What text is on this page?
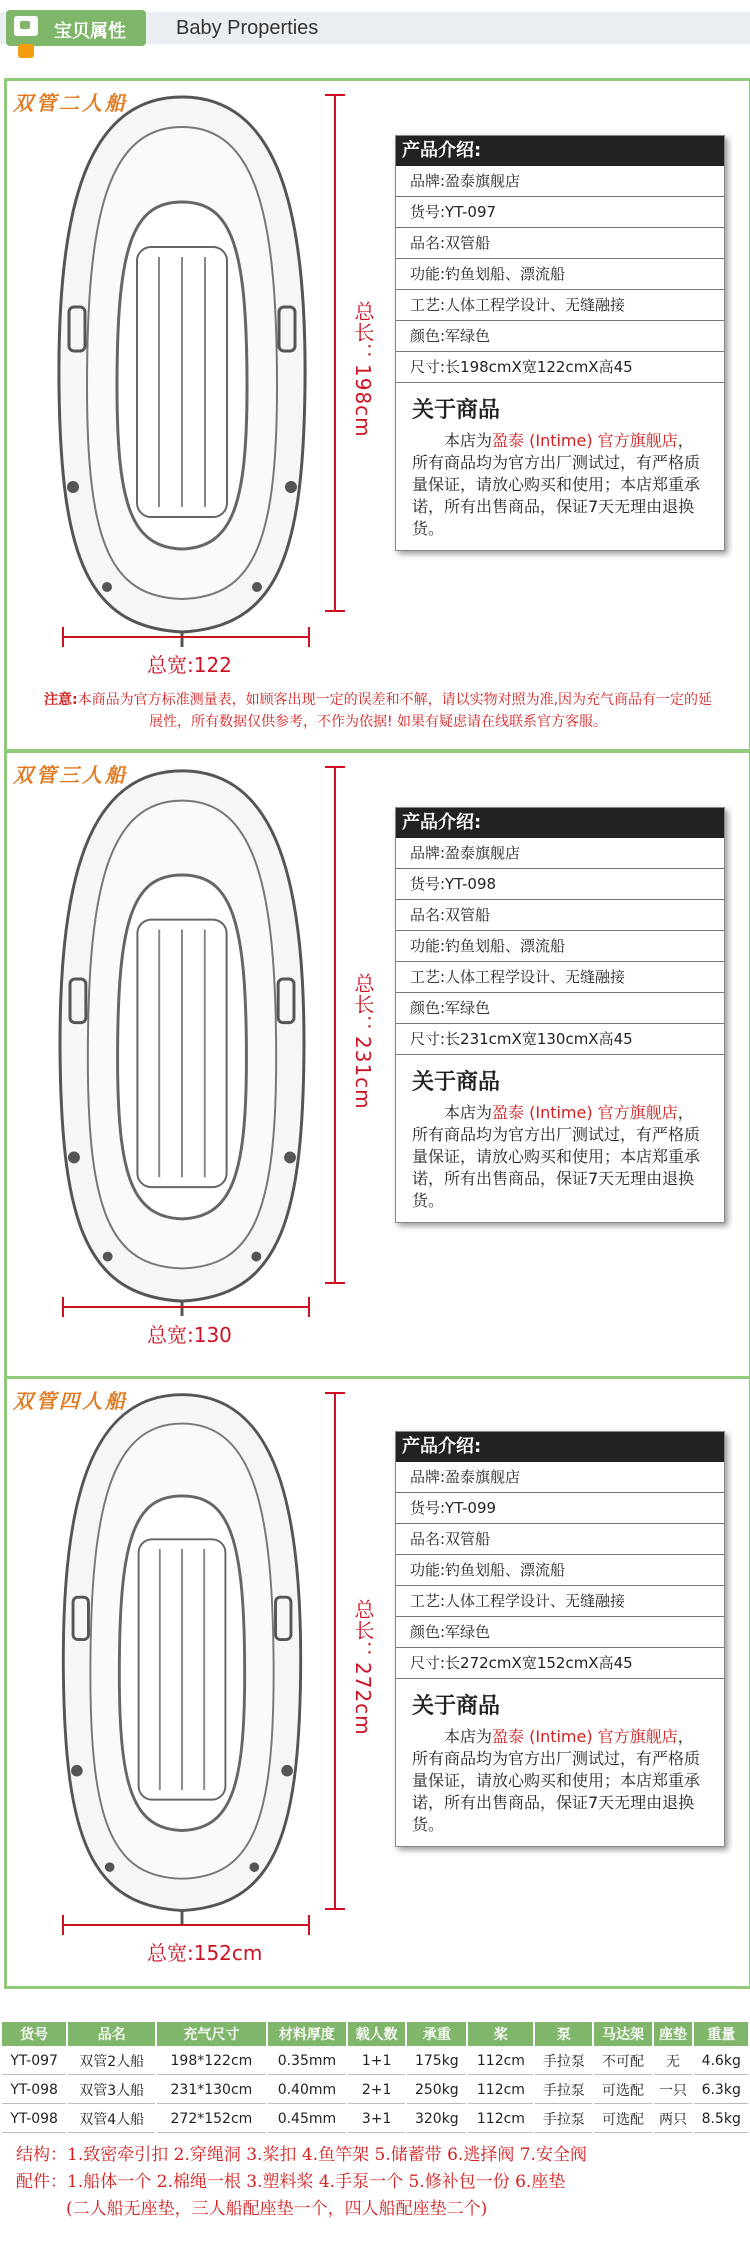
宝贝属性	Baby Properties
双管二人船
总长：198cm
总宽:122
产品介绍:
品牌:盈泰旗舰店
货号:YT-097
品名:双管船
功能:钓鱼划船、漂流船
工艺:人体工程学设计、无缝融接
颜色:军绿色
尺寸:长198cmX宽122cmX高45
关于商品
本店为盈泰 (Intime) 官方旗舰店，所有商品均为官方出厂测试过，有严格质量保证，请放心购买和使用；本店郑重承诺，所有出售商品，保证7天无理由退换货。
注意:本商品为官方标准测量表，如顾客出现一定的误差和不解，请以实物对照为准,因为充气商品有一定的延展性，所有数据仅供参考，不作为依据! 如果有疑虑请在线联系官方客服。
双管三人船
总长：231cm
总宽:130
产品介绍:
品牌:盈泰旗舰店
货号:YT-098
品名:双管船
功能:钓鱼划船、漂流船
工艺:人体工程学设计、无缝融接
颜色:军绿色
尺寸:长231cmX宽130cmX高45
关于商品
本店为盈泰 (Intime) 官方旗舰店，所有商品均为官方出厂测试过，有严格质量保证，请放心购买和使用；本店郑重承诺，所有出售商品，保证7天无理由退换货。
双管四人船
总长：272cm
总宽:152cm
产品介绍:
品牌:盈泰旗舰店
货号:YT-099
品名:双管船
功能:钓鱼划船、漂流船
工艺:人体工程学设计、无缝融接
颜色:军绿色
尺寸:长272cmX宽152cmX高45
关于商品
本店为盈泰 (Intime) 官方旗舰店，所有商品均为官方出厂测试过，有严格质量保证，请放心购买和使用；本店郑重承诺，所有出售商品，保证7天无理由退换货。
货号	品名	充气尺寸	材料厚度	载人数	承重	桨	泵	马达架	座垫	重量
YT-097	双管2人船	198*122cm	0.35mm	1+1	175kg	112cm	手拉泵	不可配	无	4.6kg
YT-098	双管3人船	231*130cm	0.40mm	2+1	250kg	112cm	手拉泵	可选配	一只	6.3kg
YT-098	双管4人船	272*152cm	0.45mm	3+1	320kg	112cm	手拉泵	可选配	两只	8.5kg
结构：1.致密牵引扣 2.穿绳洞 3.桨扣 4.鱼竿架 5.储蓄带 6.逃择阀 7.安全阀
配件：1.船体一个 2.棉绳一根 3.塑料桨 4.手泵一个 5.修补包一份 6.座垫
(二人船无座垫，三人船配座垫一个，四人船配座垫二个)
